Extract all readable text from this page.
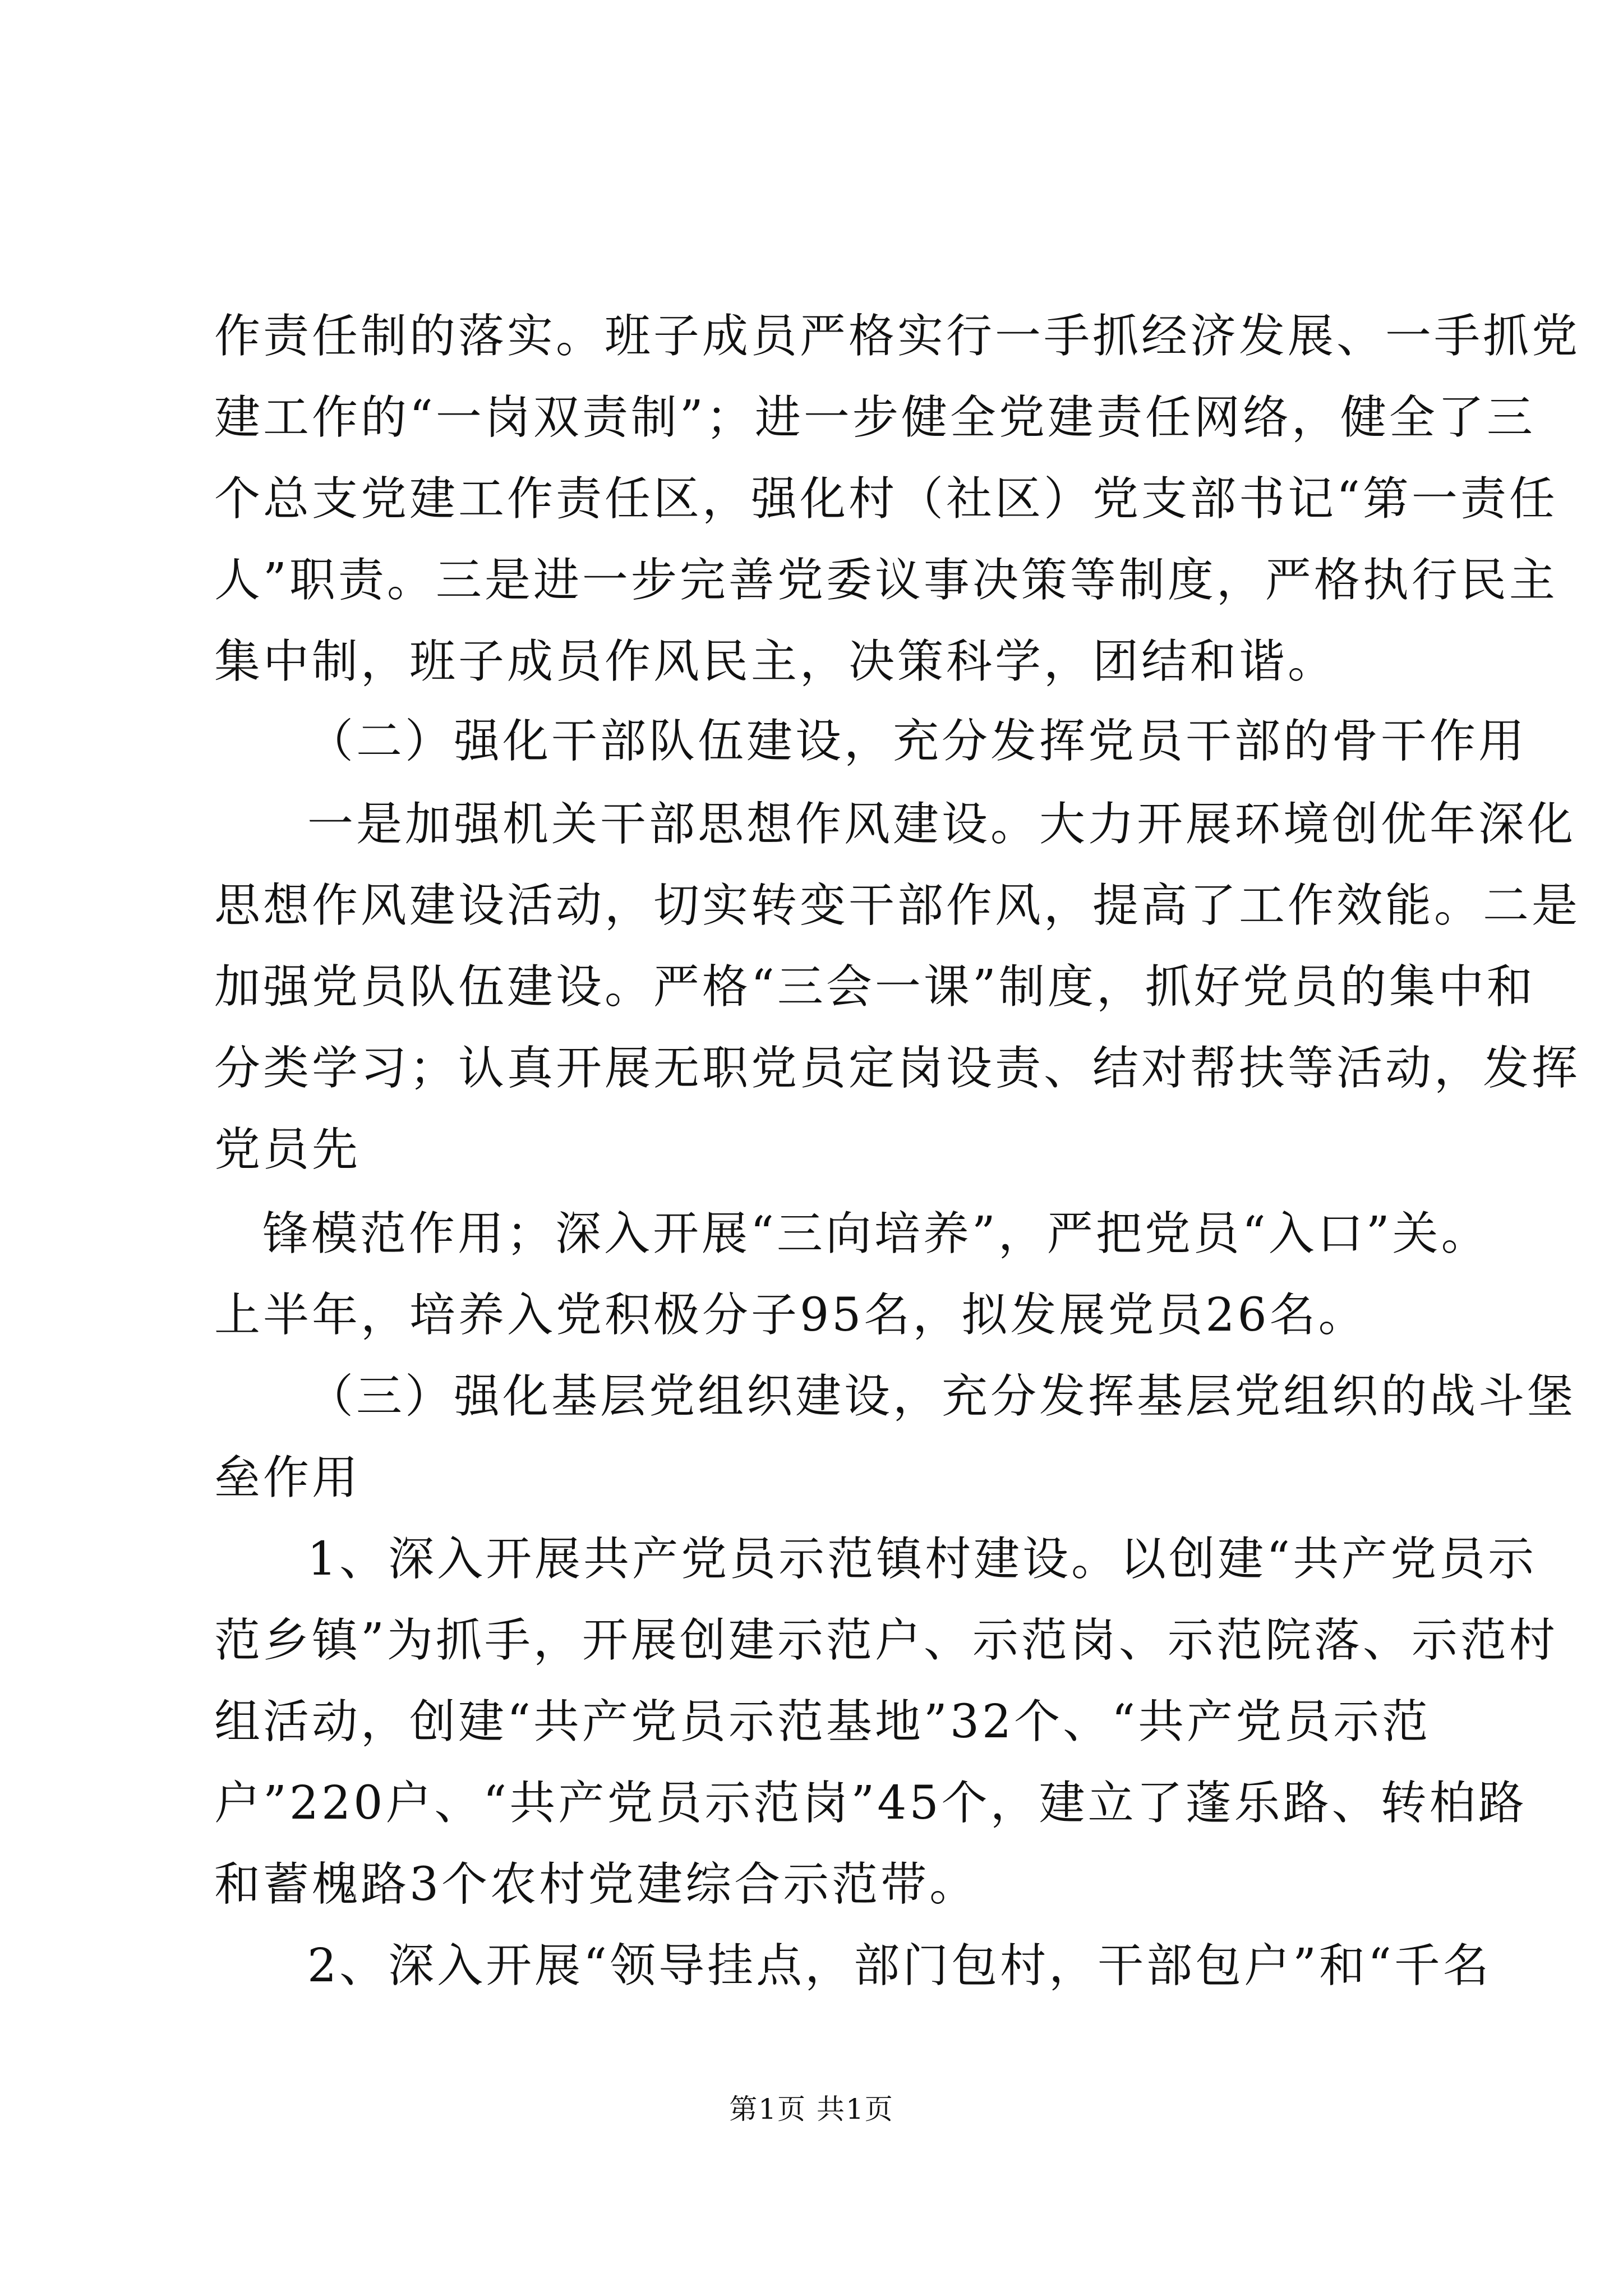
作责任制的落实。班子成员严格实行一手抓经济发展、一手抓党
建工作的“一岗双责制”；进一步健全党建责任网络，健全了三
个总支党建工作责任区，强化村（社区）党支部书记“第一责任
人”职责。三是进一步完善党委议事决策等制度，严格执行民主
集中制，班子成员作风民主，决策科学，团结和谐。
（二）强化干部队伍建设，充分发挥党员干部的骨干作用
一是加强机关干部思想作风建设。大力开展环境创优年深化
思想作风建设活动，切实转变干部作风，提高了工作效能。二是
加强党员队伍建设。严格“三会一课”制度，抓好党员的集中和
分类学习；认真开展无职党员定岗设责、结对帮扶等活动，发挥
党员先
锋模范作用；深入开展“三向培养”，严把党员“入口”关。
上半年，培养入党积极分子95名，拟发展党员26名。
（三）强化基层党组织建设，充分发挥基层党组织的战斗堡
垒作用
1、深入开展共产党员示范镇村建设。以创建“共产党员示
范乡镇”为抓手，开展创建示范户、示范岗、示范院落、示范村
组活动，创建“共产党员示范基地”32个、“共产党员示范
户”220户、“共产党员示范岗”45个，建立了蓬乐路、转柏路
和蓄槐路3个农村党建综合示范带。
2、深入开展“领导挂点，部门包村，干部包户”和“千名
第1页 共1页
